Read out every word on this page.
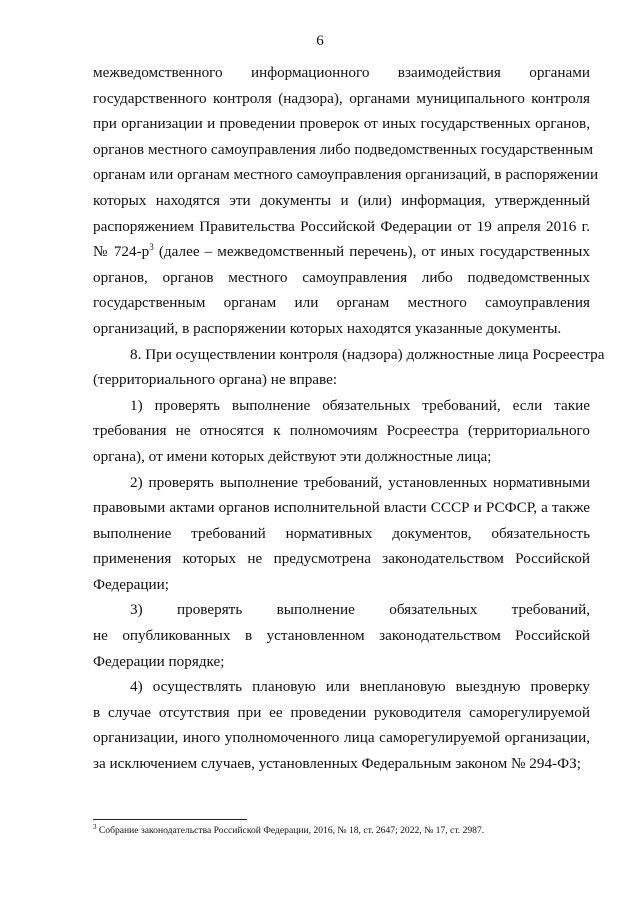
6
межведомственного информационного взаимодействия органами
государственного контроля (надзора), органами муниципального контроля
при организации и проведении проверок от иных государственных органов,
органов местного самоуправления либо подведомственных государственным
органам или органам местного самоуправления организаций, в распоряжении
которых находятся эти документы и (или) информация, утвержденный
распоряжением Правительства Российской Федерации от 19 апреля 2016 г.
№ $724-р^3$ (далее – межведомственный перечень), от иных государственных
органов, органов местного самоуправления либо подведомственных
государственным органам или органам местного самоуправления
организаций, в распоряжении которых находятся указанные документы.
8. При осуществлении контроля (надзора) должностные лица Росреестра
(территориального органа) не вправе:
1) проверять выполнение обязательных требований, если такие
требования не относятся к полномочиям Росреестра (территориального
органа), от имени которых действуют эти должностные лица;
2) проверять выполнение требований, установленных нормативными
правовыми актами органов исполнительной власти СССР и РСФСР, а также
выполнение требований нормативных документов, обязательность
применения которых не предусмотрена законодательством Российской
Федерации;
3) проверять выполнение обязательных требований,
не опубликованных в установленном законодательством Российской
Федерации порядке;
4) осуществлять плановую или внеплановую выездную проверку
в случае отсутствия при ее проведении руководителя саморегулируемой
организации, иного уполномоченного лица саморегулируемой организации,
за исключением случаев, установленных Федеральным законом № 294-ФЗ;
$^3$ Собрание законодательства Российской Федерации, 2016, № 18, ст. 2647; 2022, № 17, ст. 2987.
